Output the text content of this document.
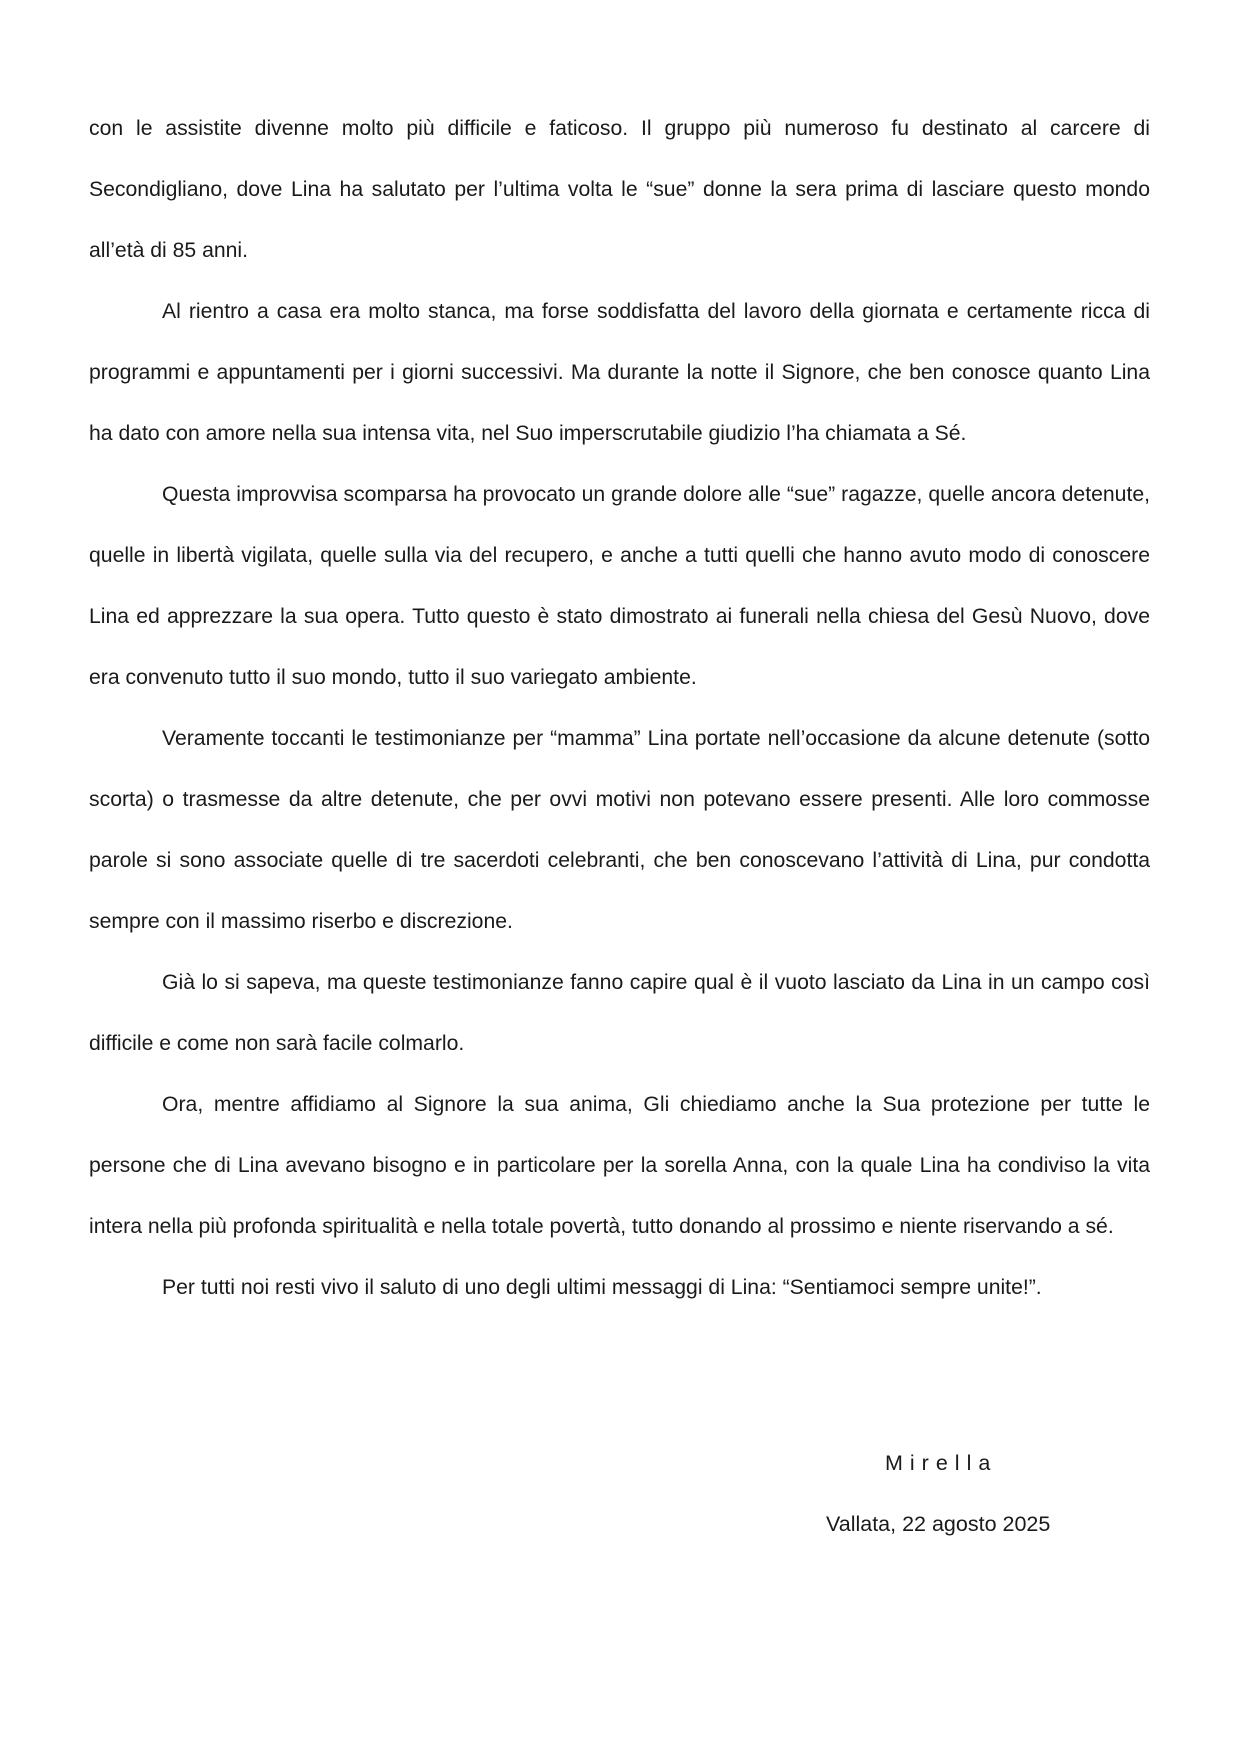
con le assistite divenne molto più difficile e faticoso. Il gruppo più numeroso fu destinato al carcere di Secondigliano, dove Lina ha salutato per l’ultima volta le “sue” donne la sera prima di lasciare questo mondo all’età di 85 anni.

Al rientro a casa era molto stanca, ma forse soddisfatta del lavoro della giornata e certamente ricca di programmi e appuntamenti per i giorni successivi. Ma durante la notte il Signore, che ben conosce quanto Lina ha dato con amore nella sua intensa vita, nel Suo imperscrutabile giudizio l’ha chiamata a Sé.

Questa improvvisa scomparsa ha provocato un grande dolore alle “sue” ragazze, quelle ancora detenute, quelle in libertà vigilata, quelle sulla via del recupero, e anche a tutti quelli che hanno avuto modo di conoscere Lina ed apprezzare la sua opera. Tutto questo è stato dimostrato ai funerali nella chiesa del Gesù Nuovo, dove era convenuto tutto il suo mondo, tutto il suo variegato ambiente.

Veramente toccanti le testimonianze per “mamma” Lina portate nell’occasione da alcune detenute (sotto scorta) o trasmesse da altre detenute, che per ovvi motivi non potevano essere presenti. Alle loro commosse parole si sono associate quelle di tre sacerdoti celebranti, che ben conoscevano l’attività di Lina, pur condotta sempre con il massimo riserbo e discrezione.

Già lo si sapeva, ma queste testimonianze fanno capire qual è il vuoto lasciato da Lina in un campo così difficile e come non sarà facile colmarlo.

Ora, mentre affidiamo al Signore la sua anima, Gli chiediamo anche la Sua protezione per tutte le persone che di Lina avevano bisogno e in particolare per la sorella Anna, con la quale Lina ha condiviso la vita intera nella più profonda spiritualità e nella totale povertà, tutto donando al prossimo e niente riservando a sé.

Per tutti noi resti vivo il saluto di uno degli ultimi messaggi di Lina: “Sentiamoci sempre unite!”.

Mirella
Vallata, 22 agosto 2025
